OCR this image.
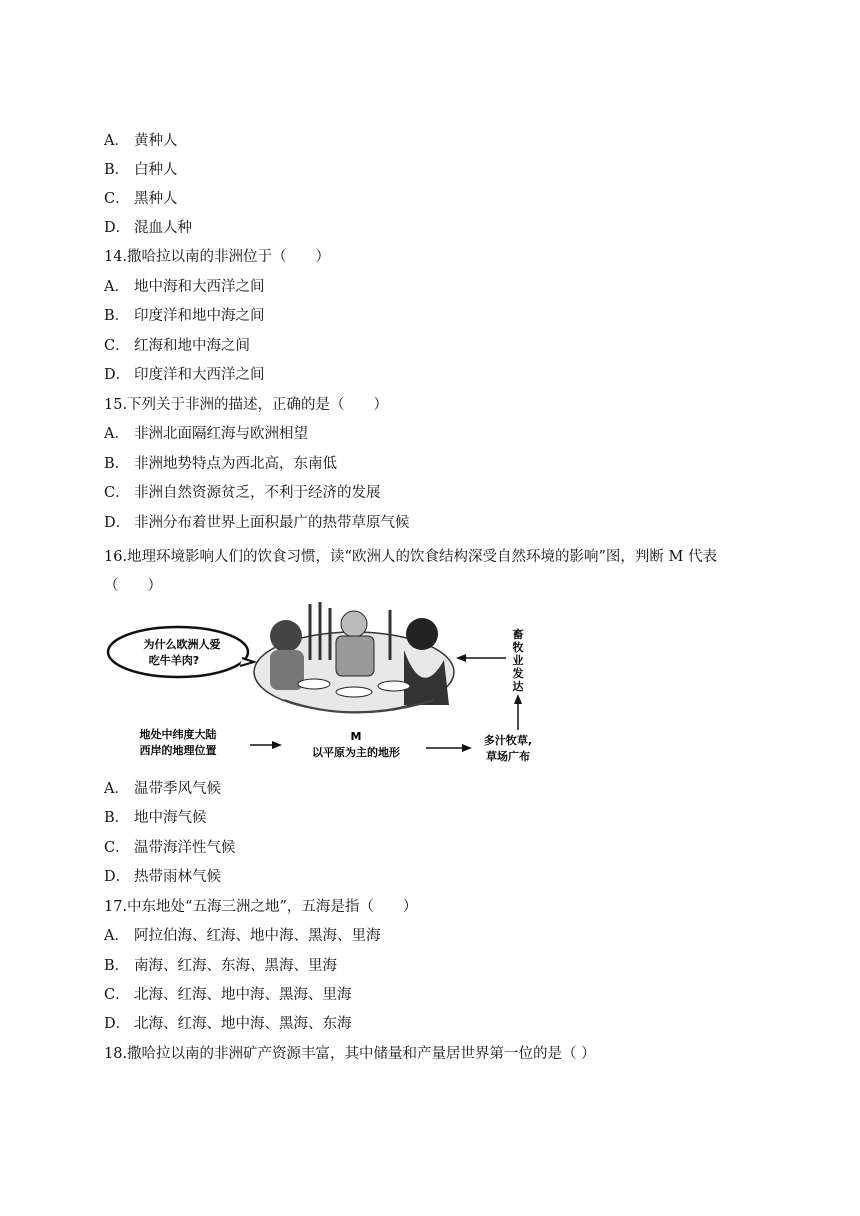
A． 黄种人
B． 白种人
C． 黑种人
D． 混血人种
14.撒哈拉以南的非洲位于（　　）
A． 地中海和大西洋之间
B． 印度洋和地中海之间
C． 红海和地中海之间
D． 印度洋和大西洋之间
15.下列关于非洲的描述，正确的是（　　）
A． 非洲北面隔红海与欧洲相望
B． 非洲地势特点为西北高，东南低
C． 非洲自然资源贫乏，不利于经济的发展
D． 非洲分布着世界上面积最广的热带草原气候
16.地理环境影响人们的饮食习惯，读“欧洲人的饮食结构深受自然环境的影响”图，判断 M 代表（　　）
为什么欧洲人爱
吃牛羊肉?
畜
牧
业
发
达
地处中纬度大陆
西岸的地理位置
M
以平原为主的地形
多汁牧草,
草场广布
A． 温带季风气候
B． 地中海气候
C． 温带海洋性气候
D． 热带雨林气候
17.中东地处“五海三洲之地”，五海是指（　　）
A． 阿拉伯海、红海、地中海、黑海、里海
B． 南海、红海、东海、黑海、里海
C． 北海、红海、地中海、黑海、里海
D． 北海、红海、地中海、黑海、东海
18.撒哈拉以南的非洲矿产资源丰富，其中储量和产量居世界第一位的是（ ）
